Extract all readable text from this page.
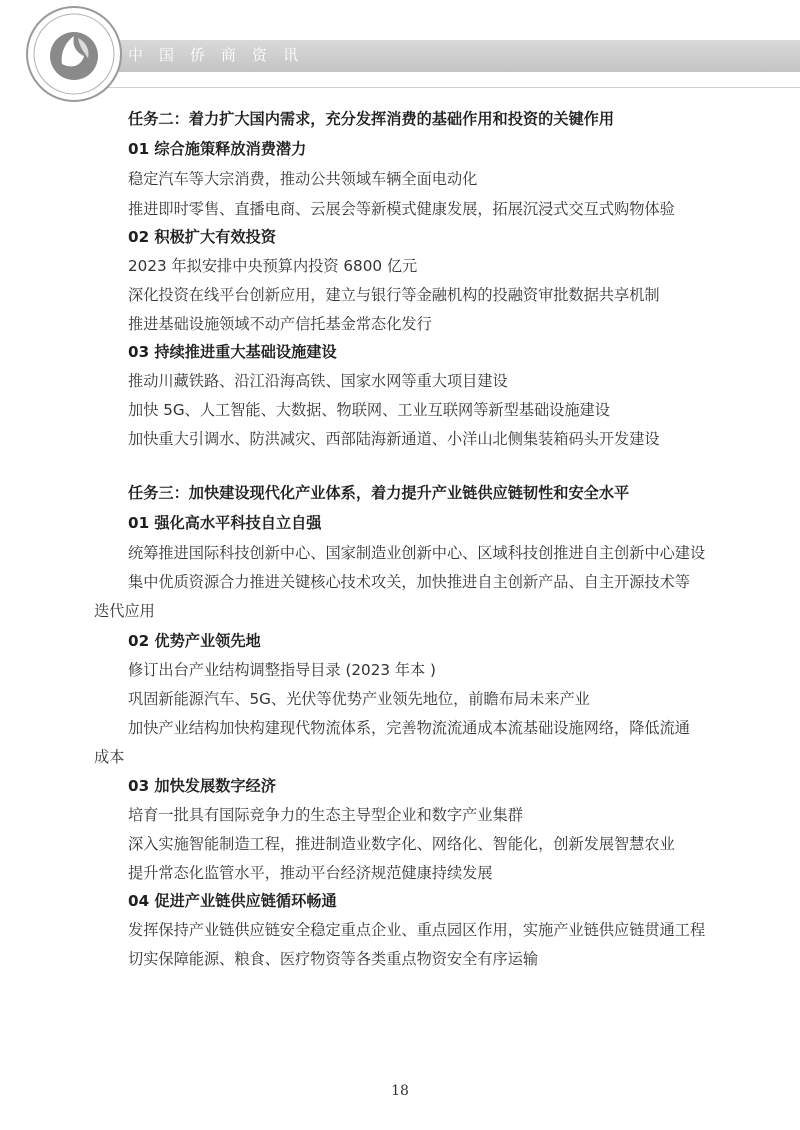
中国侨商资讯
任务二：着力扩大国内需求，充分发挥消费的基础作用和投资的关键作用
01 综合施策释放消费潜力
稳定汽车等大宗消费，推动公共领域车辆全面电动化
推进即时零售、直播电商、云展会等新模式健康发展，拓展沉浸式交互式购物体验
02 积极扩大有效投资
2023 年拟安排中央预算内投资 6800 亿元
深化投资在线平台创新应用，建立与银行等金融机构的投融资审批数据共享机制
推进基础设施领域不动产信托基金常态化发行
03 持续推进重大基础设施建设
推动川藏铁路、沿江沿海高铁、国家水网等重大项目建设
加快 5G、人工智能、大数据、物联网、工业互联网等新型基础设施建设
加快重大引调水、防洪减灾、西部陆海新通道、小洋山北侧集装箱码头开发建设
任务三：加快建设现代化产业体系，着力提升产业链供应链韧性和安全水平
01 强化高水平科技自立自强
统筹推进国际科技创新中心、国家制造业创新中心、区域科技创推进自主创新中心建设
集中优质资源合力推进关键核心技术攻关，加快推进自主创新产品、自主开源技术等
迭代应用
02 优势产业领先地
修订出台产业结构调整指导目录 (2023 年本 )
巩固新能源汽车、5G、光伏等优势产业领先地位，前瞻布局未来产业
加快产业结构加快构建现代物流体系，完善物流流通成本流基础设施网络，降低流通
成本
03 加快发展数字经济
培育一批具有国际竞争力的生态主导型企业和数字产业集群
深入实施智能制造工程，推进制造业数字化、网络化、智能化，创新发展智慧农业
提升常态化监管水平，推动平台经济规范健康持续发展
04 促进产业链供应链循环畅通
发挥保持产业链供应链安全稳定重点企业、重点园区作用，实施产业链供应链贯通工程
切实保障能源、粮食、医疗物资等各类重点物资安全有序运输
18
